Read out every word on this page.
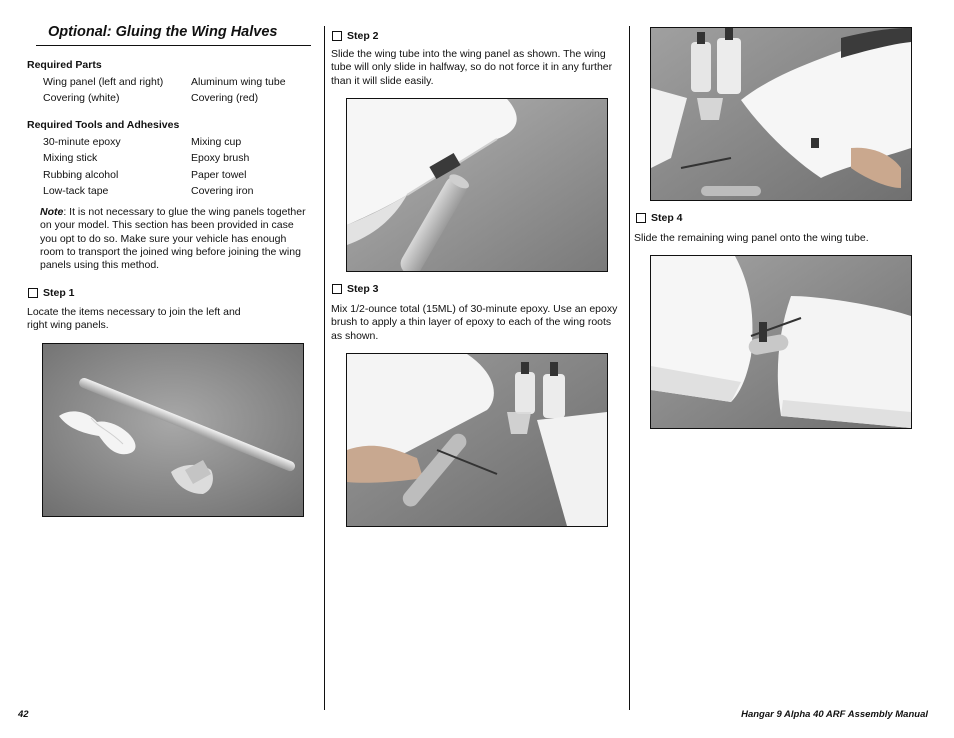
Optional: Gluing the Wing Halves
Required Parts
Wing panel (left and right)	Aluminum wing tube
Covering (white)	Covering (red)
Required Tools and Adhesives
30-minute epoxy	Mixing cup
Mixing stick	Epoxy brush
Rubbing alcohol	Paper towel
Low-tack tape	Covering iron
Note: It is not necessary to glue the wing panels together on your model. This section has been provided in case you opt to do so. Make sure your vehicle has enough room to transport the joined wing before joining the wing panels using this method.
Step 1
Locate the items necessary to join the left and right wing panels.
Step 2
Slide the wing tube into the wing panel as shown. The wing tube will only slide in halfway, so do not force it in any further than it will slide easily.
Step 3
Mix 1/2-ounce total (15ML) of 30-minute epoxy. Use an epoxy brush to apply a thin layer of epoxy to each of the wing roots as shown.
Step 4
Slide the remaining wing panel onto the wing tube.
42	Hangar 9 Alpha 40 ARF Assembly Manual
